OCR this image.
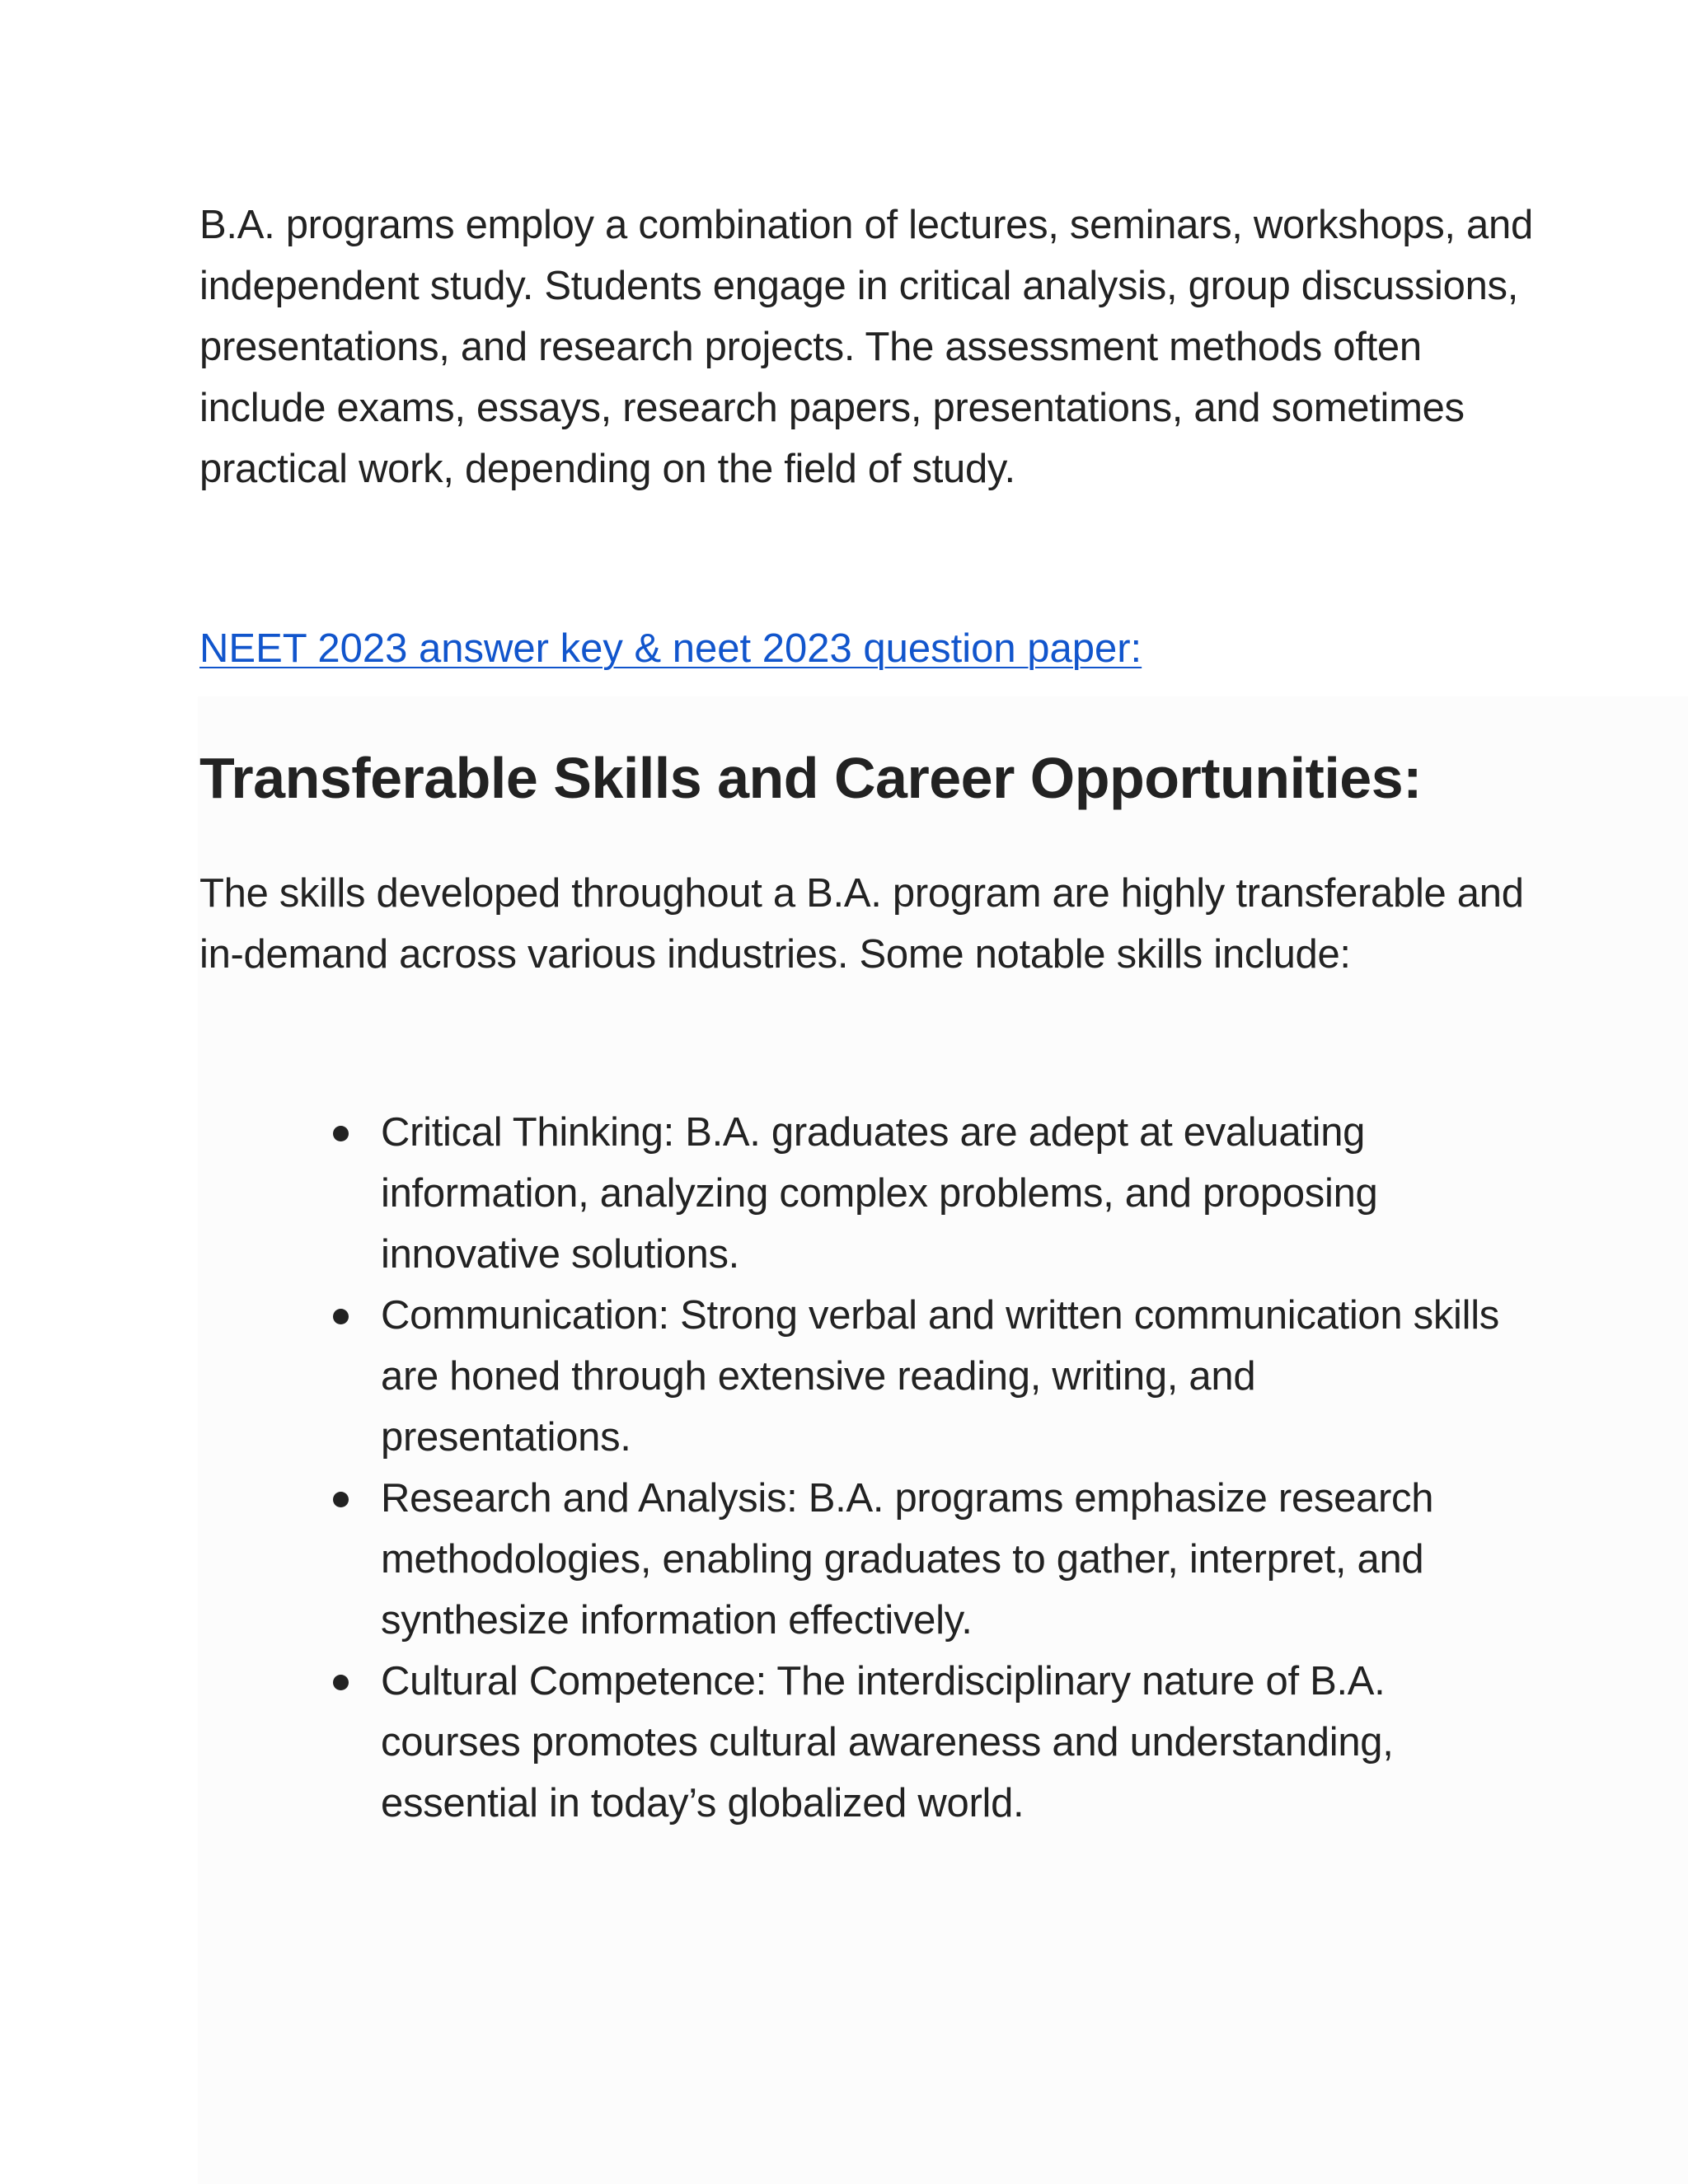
B.A. programs employ a combination of lectures, seminars, workshops, and independent study. Students engage in critical analysis, group discussions, presentations, and research projects. The assessment methods often include exams, essays, research papers, presentations, and sometimes practical work, depending on the field of study.

NEET 2023 answer key & neet 2023 question paper:
Transferable Skills and Career Opportunities:

The skills developed throughout a B.A. program are highly transferable and in-demand across various industries. Some notable skills include:

Critical Thinking: B.A. graduates are adept at evaluating information, analyzing complex problems, and proposing innovative solutions.
Communication: Strong verbal and written communication skills are honed through extensive reading, writing, and presentations.
Research and Analysis: B.A. programs emphasize research methodologies, enabling graduates to gather, interpret, and synthesize information effectively.
Cultural Competence: The interdisciplinary nature of B.A. courses promotes cultural awareness and understanding, essential in today’s globalized world.
